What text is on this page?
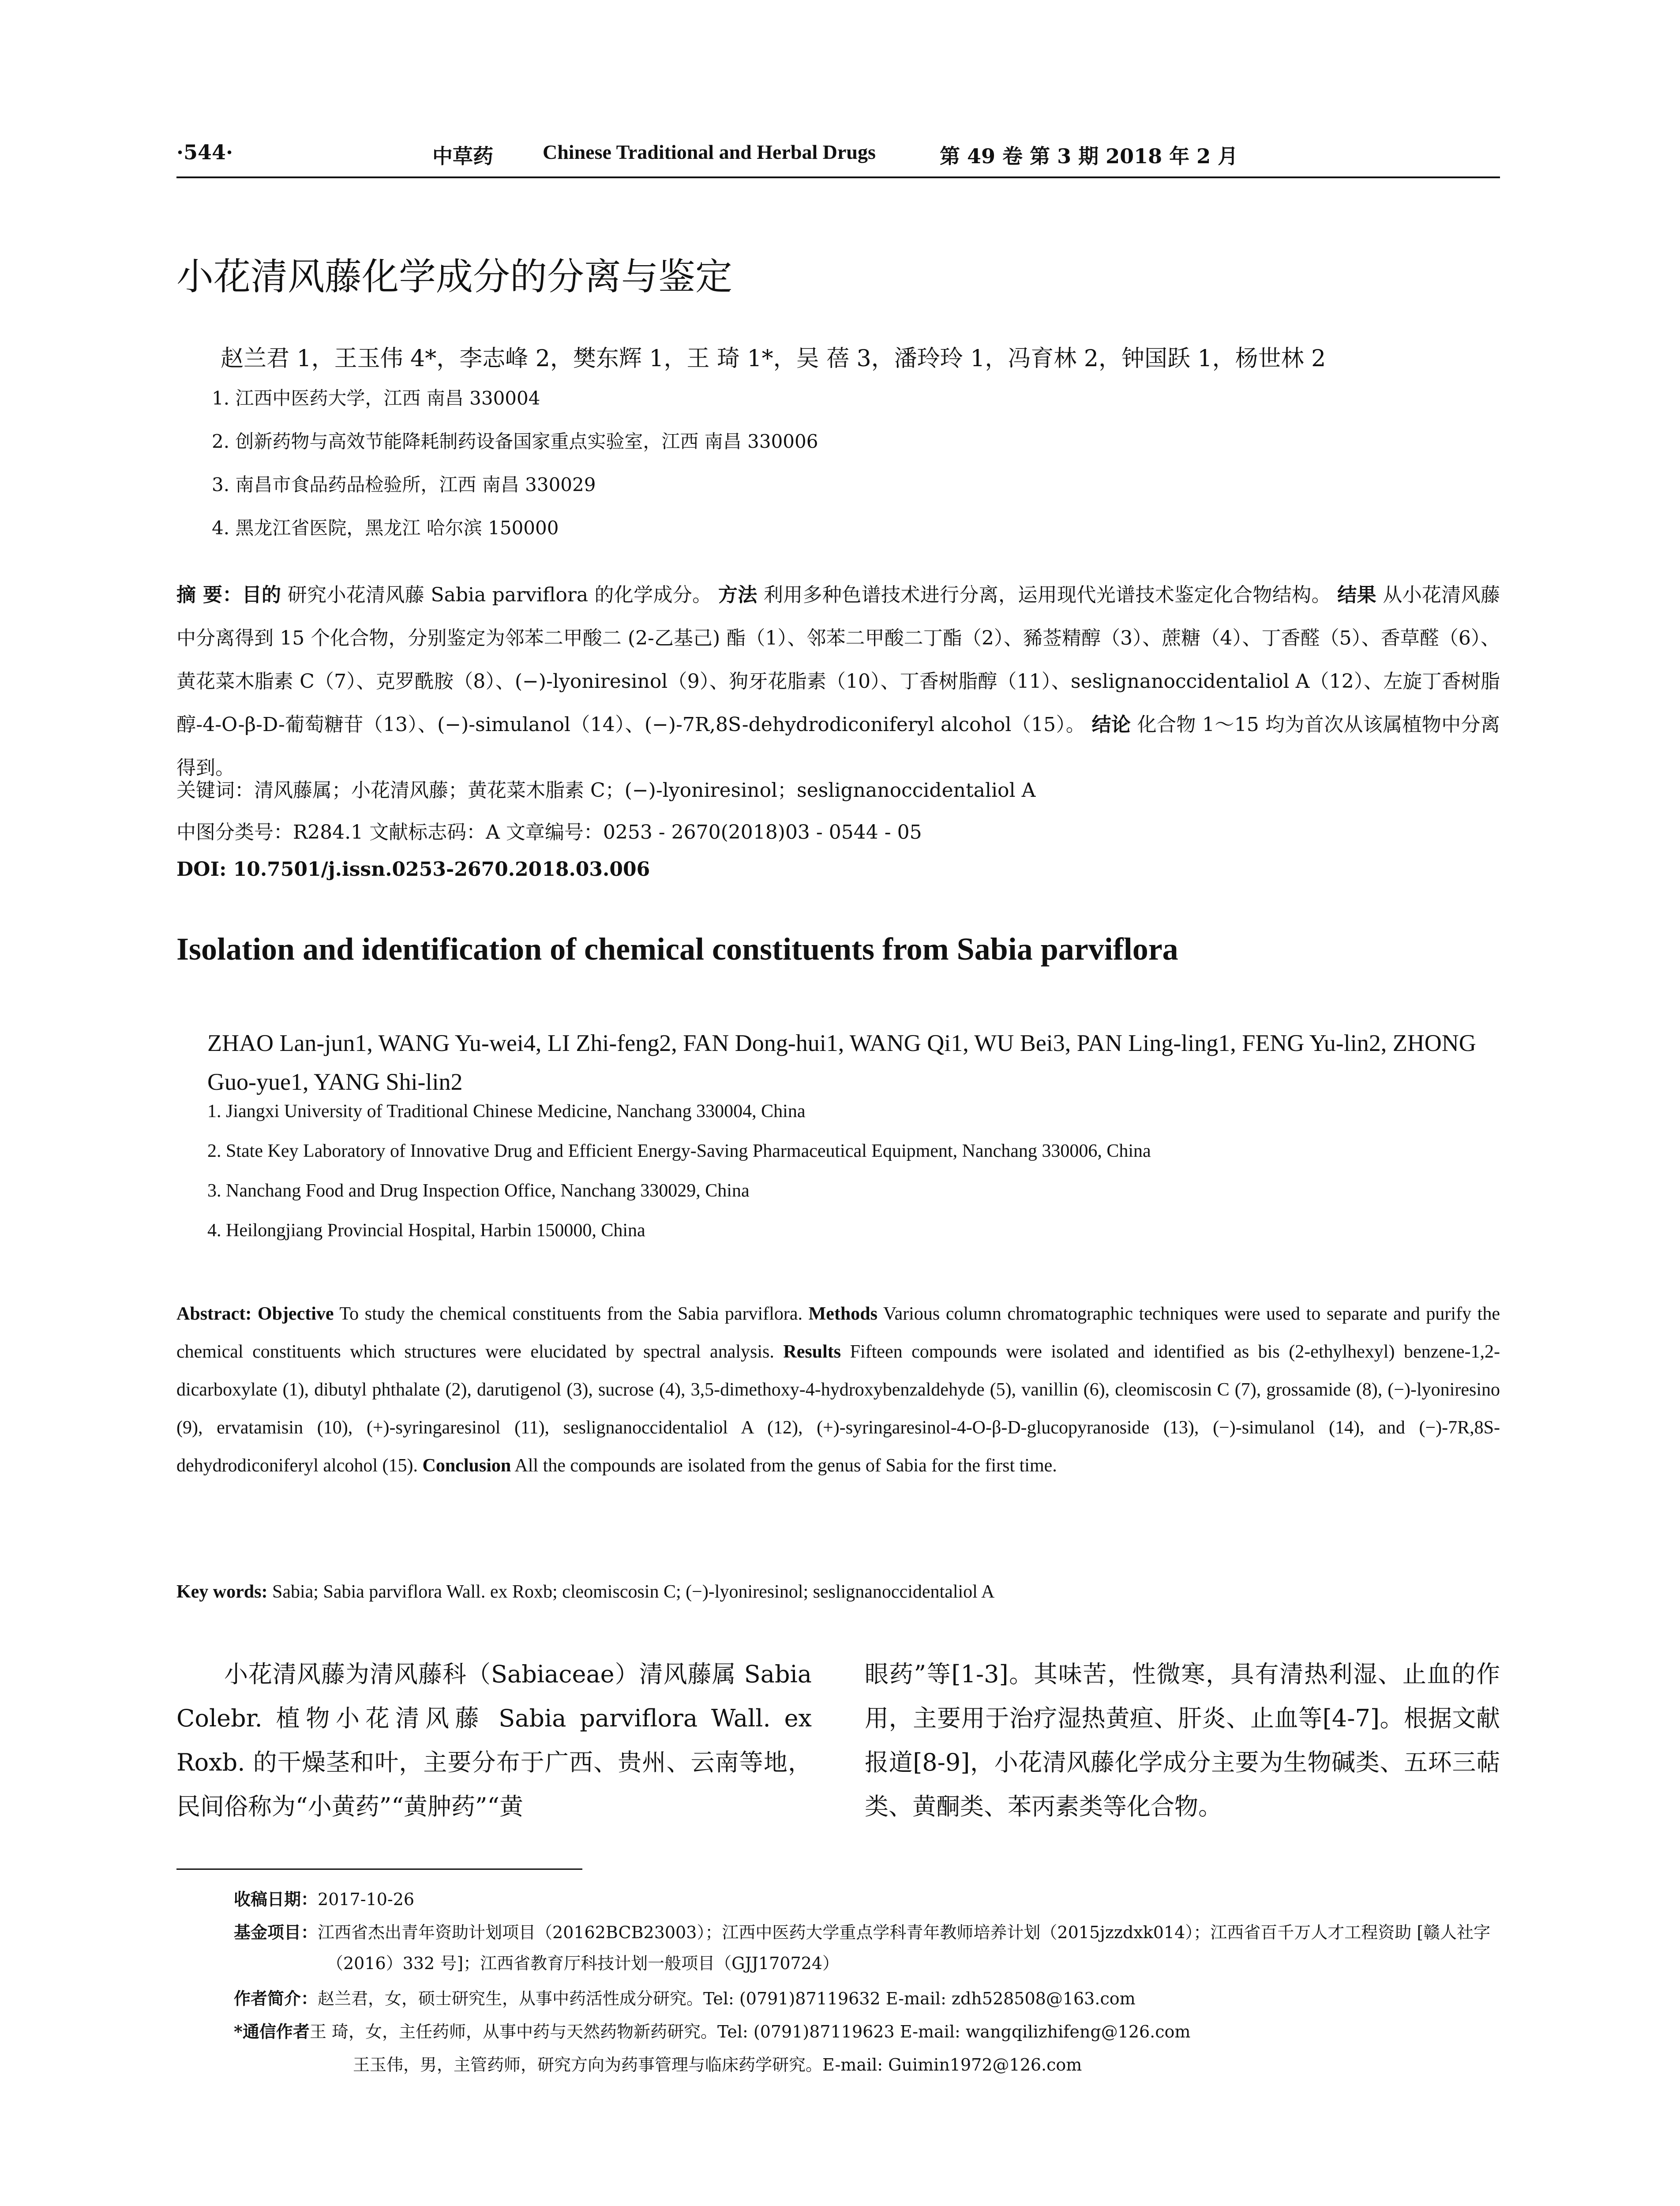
·544·	中草药 Chinese Traditional and Herbal Drugs	第 49 卷 第 3 期 2018 年 2 月
小花清风藤化学成分的分离与鉴定
赵兰君 1，王玉伟 4*，李志峰 2，樊东辉 1，王 琦 1*，吴 蓓 3，潘玲玲 1，冯育林 2，钟国跃 1，杨世林 2
1. 江西中医药大学，江西 南昌 330004
2. 创新药物与高效节能降耗制药设备国家重点实验室，江西 南昌 330006
3. 南昌市食品药品检验所，江西 南昌 330029
4. 黑龙江省医院，黑龙江 哈尔滨 150000
摘 要：目的 研究小花清风藤 Sabia parviflora 的化学成分。 方法 利用多种色谱技术进行分离，运用现代光谱技术鉴定化合物结构。 结果 从小花清风藤中分离得到 15 个化合物，分别鉴定为邻苯二甲酸二 (2-乙基己) 酯（1）、邻苯二甲酸二丁酯（2）、豨莶精醇（3）、蔗糖（4）、丁香醛（5）、香草醛（6）、黄花菜木脂素 C（7）、克罗酰胺（8）、(−)-lyoniresinol（9）、狗牙花脂素（10）、丁香树脂醇（11）、seslignanoccidentaliol A（12）、左旋丁香树脂醇-4-O-β-D-葡萄糖苷（13）、(−)-simulanol（14）、(−)-7R,8S-dehydrodiconiferyl alcohol（15）。 结论 化合物 1～15 均为首次从该属植物中分离得到。
关键词：清风藤属；小花清风藤；黄花菜木脂素 C；(−)-lyoniresinol；seslignanoccidentaliol A
中图分类号：R284.1 文献标志码：A 文章编号：0253 - 2670(2018)03 - 0544 - 05
DOI: 10.7501/j.issn.0253-2670.2018.03.006
Isolation and identification of chemical constituents from Sabia parviflora
ZHAO Lan-jun1, WANG Yu-wei4, LI Zhi-feng2, FAN Dong-hui1, WANG Qi1, WU Bei3, PAN Ling-ling1, FENG Yu-lin2, ZHONG Guo-yue1, YANG Shi-lin2
1. Jiangxi University of Traditional Chinese Medicine, Nanchang 330004, China
2. State Key Laboratory of Innovative Drug and Efficient Energy-Saving Pharmaceutical Equipment, Nanchang 330006, China
3. Nanchang Food and Drug Inspection Office, Nanchang 330029, China
4. Heilongjiang Provincial Hospital, Harbin 150000, China
Abstract: Objective To study the chemical constituents from the Sabia parviflora. Methods Various column chromatographic techniques were used to separate and purify the chemical constituents which structures were elucidated by spectral analysis. Results Fifteen compounds were isolated and identified as bis (2-ethylhexyl) benzene-1,2-dicarboxylate (1), dibutyl phthalate (2), darutigenol (3), sucrose (4), 3,5-dimethoxy-4-hydroxybenzaldehyde (5), vanillin (6), cleomiscosin C (7), grossamide (8), (−)-lyoniresino (9), ervatamisin (10), (+)-syringaresinol (11), seslignanoccidentaliol A (12), (+)-syringaresinol-4-O-β-D-glucopyranoside (13), (−)-simulanol (14), and (−)-7R,8S-dehydrodiconiferyl alcohol (15). Conclusion All the compounds are isolated from the genus of Sabia for the first time.
Key words: Sabia; Sabia parviflora Wall. ex Roxb; cleomiscosin C; (−)-lyoniresinol; seslignanoccidentaliol A
小花清风藤为清风藤科（Sabiaceae）清风藤属 Sabia Colebr. 植物小花清风藤 Sabia parviflora Wall. ex Roxb. 的干燥茎和叶，主要分布于广西、贵州、云南等地，民间俗称为“小黄药”“黄肿药”“黄
眼药”等[1-3]。其味苦，性微寒，具有清热利湿、止血的作用，主要用于治疗湿热黄疸、肝炎、止血等[4-7]。根据文献报道[8-9]，小花清风藤化学成分主要为生物碱类、五环三萜类、黄酮类、苯丙素类等化合物。
收稿日期：2017-10-26
基金项目：江西省杰出青年资助计划项目（20162BCB23003）；江西中医药大学重点学科青年教师培养计划（2015jzzdxk014）；江西省百千万人才工程资助 [赣人社字（2016）332 号]；江西省教育厅科技计划一般项目（GJJ170724）
作者简介：赵兰君，女，硕士研究生，从事中药活性成分研究。Tel: (0791)87119632 E-mail: zdh528508@163.com
*通信作者王 琦，女，主任药师，从事中药与天然药物新药研究。Tel: (0791)87119623 E-mail: wangqilizhifeng@126.com
王玉伟，男，主管药师，研究方向为药事管理与临床药学研究。E-mail: Guimin1972@126.com
